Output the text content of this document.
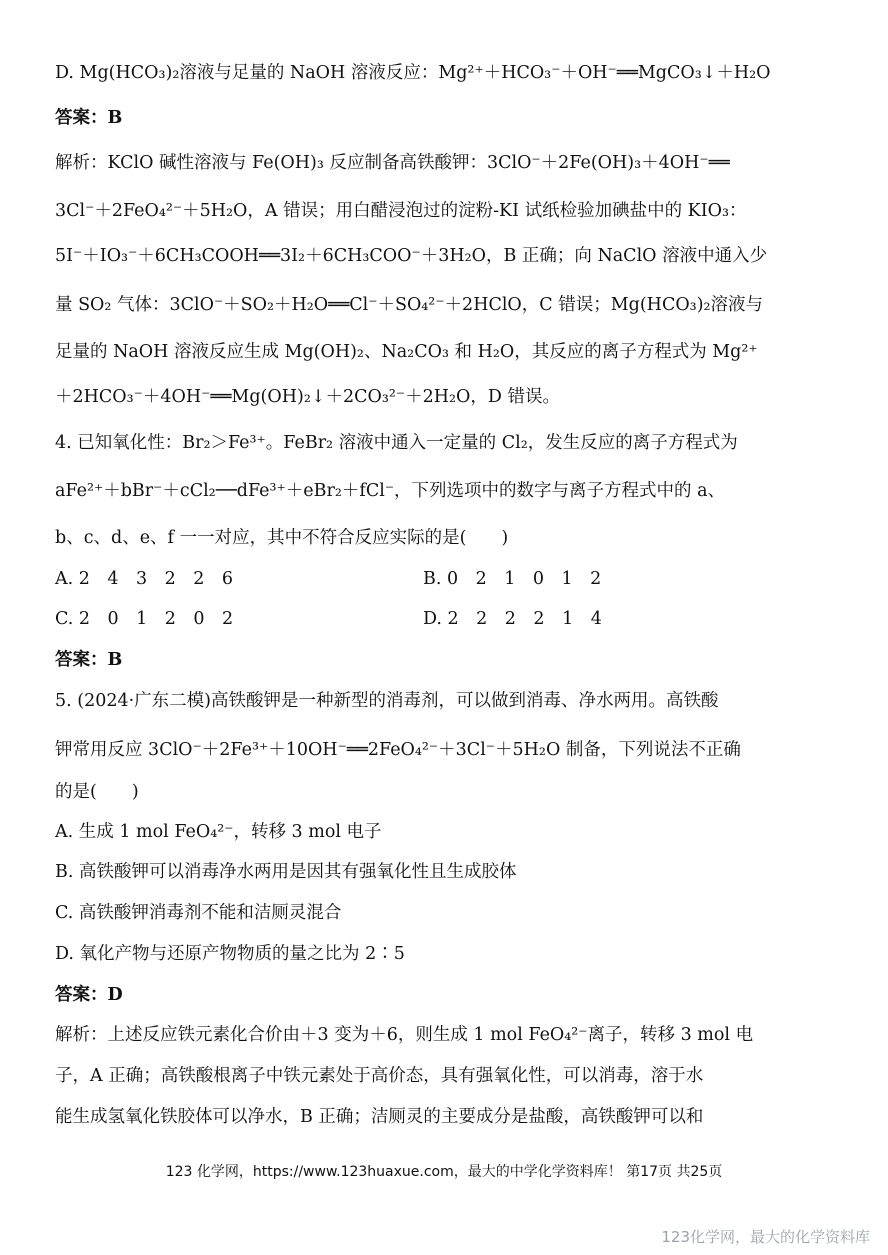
D. Mg(HCO₃)₂溶液与足量的 NaOH 溶液反应：Mg²⁺＋HCO₃⁻＋OH⁻══MgCO₃↓＋H₂O
答案：B
解析：KClO 碱性溶液与 Fe(OH)₃ 反应制备高铁酸钾：3ClO⁻＋2Fe(OH)₃＋4OH⁻══
3Cl⁻＋2FeO₄²⁻＋5H₂O，A 错误；用白醋浸泡过的淀粉-KI 试纸检验加碘盐中的 KIO₃：
5I⁻＋IO₃⁻＋6CH₃COOH══3I₂＋6CH₃COO⁻＋3H₂O，B 正确；向 NaClO 溶液中通入少
量 SO₂ 气体：3ClO⁻＋SO₂＋H₂O══Cl⁻＋SO₄²⁻＋2HClO，C 错误；Mg(HCO₃)₂溶液与
足量的 NaOH 溶液反应生成 Mg(OH)₂、Na₂CO₃ 和 H₂O，其反应的离子方程式为 Mg²⁺
＋2HCO₃⁻＋4OH⁻══Mg(OH)₂↓＋2CO₃²⁻＋2H₂O，D 错误。
4. 已知氧化性：Br₂＞Fe³⁺。FeBr₂ 溶液中通入一定量的 Cl₂，发生反应的离子方程式为
aFe²⁺＋bBr⁻＋cCl₂──dFe³⁺＋eBr₂＋fCl⁻，下列选项中的数字与离子方程式中的 a、
b、c、d、e、f 一一对应，其中不符合反应实际的是(　　)
A. 2　4　3　2　2　6	B. 0　2　1　0　1　2
C. 2　0　1　2　0　2	D. 2　2　2　2　1　4
答案：B
5. (2024·广东二模)高铁酸钾是一种新型的消毒剂，可以做到消毒、净水两用。高铁酸
钾常用反应 3ClO⁻＋2Fe³⁺＋10OH⁻══2FeO₄²⁻＋3Cl⁻＋5H₂O 制备，下列说法不正确
的是(　　)
A. 生成 1 mol FeO₄²⁻，转移 3 mol 电子
B. 高铁酸钾可以消毒净水两用是因其有强氧化性且生成胶体
C. 高铁酸钾消毒剂不能和洁厕灵混合
D. 氧化产物与还原产物物质的量之比为 2∶5
答案：D
解析：上述反应铁元素化合价由＋3 变为＋6，则生成 1 mol FeO₄²⁻离子，转移 3 mol 电
子，A 正确；高铁酸根离子中铁元素处于高价态，具有强氧化性，可以消毒，溶于水
能生成氢氧化铁胶体可以净水，B 正确；洁厕灵的主要成分是盐酸，高铁酸钾可以和
123 化学网，https://www.123huaxue.com，最大的中学化学资料库！ 第17页 共25页
123化学网，最大的化学资料库
